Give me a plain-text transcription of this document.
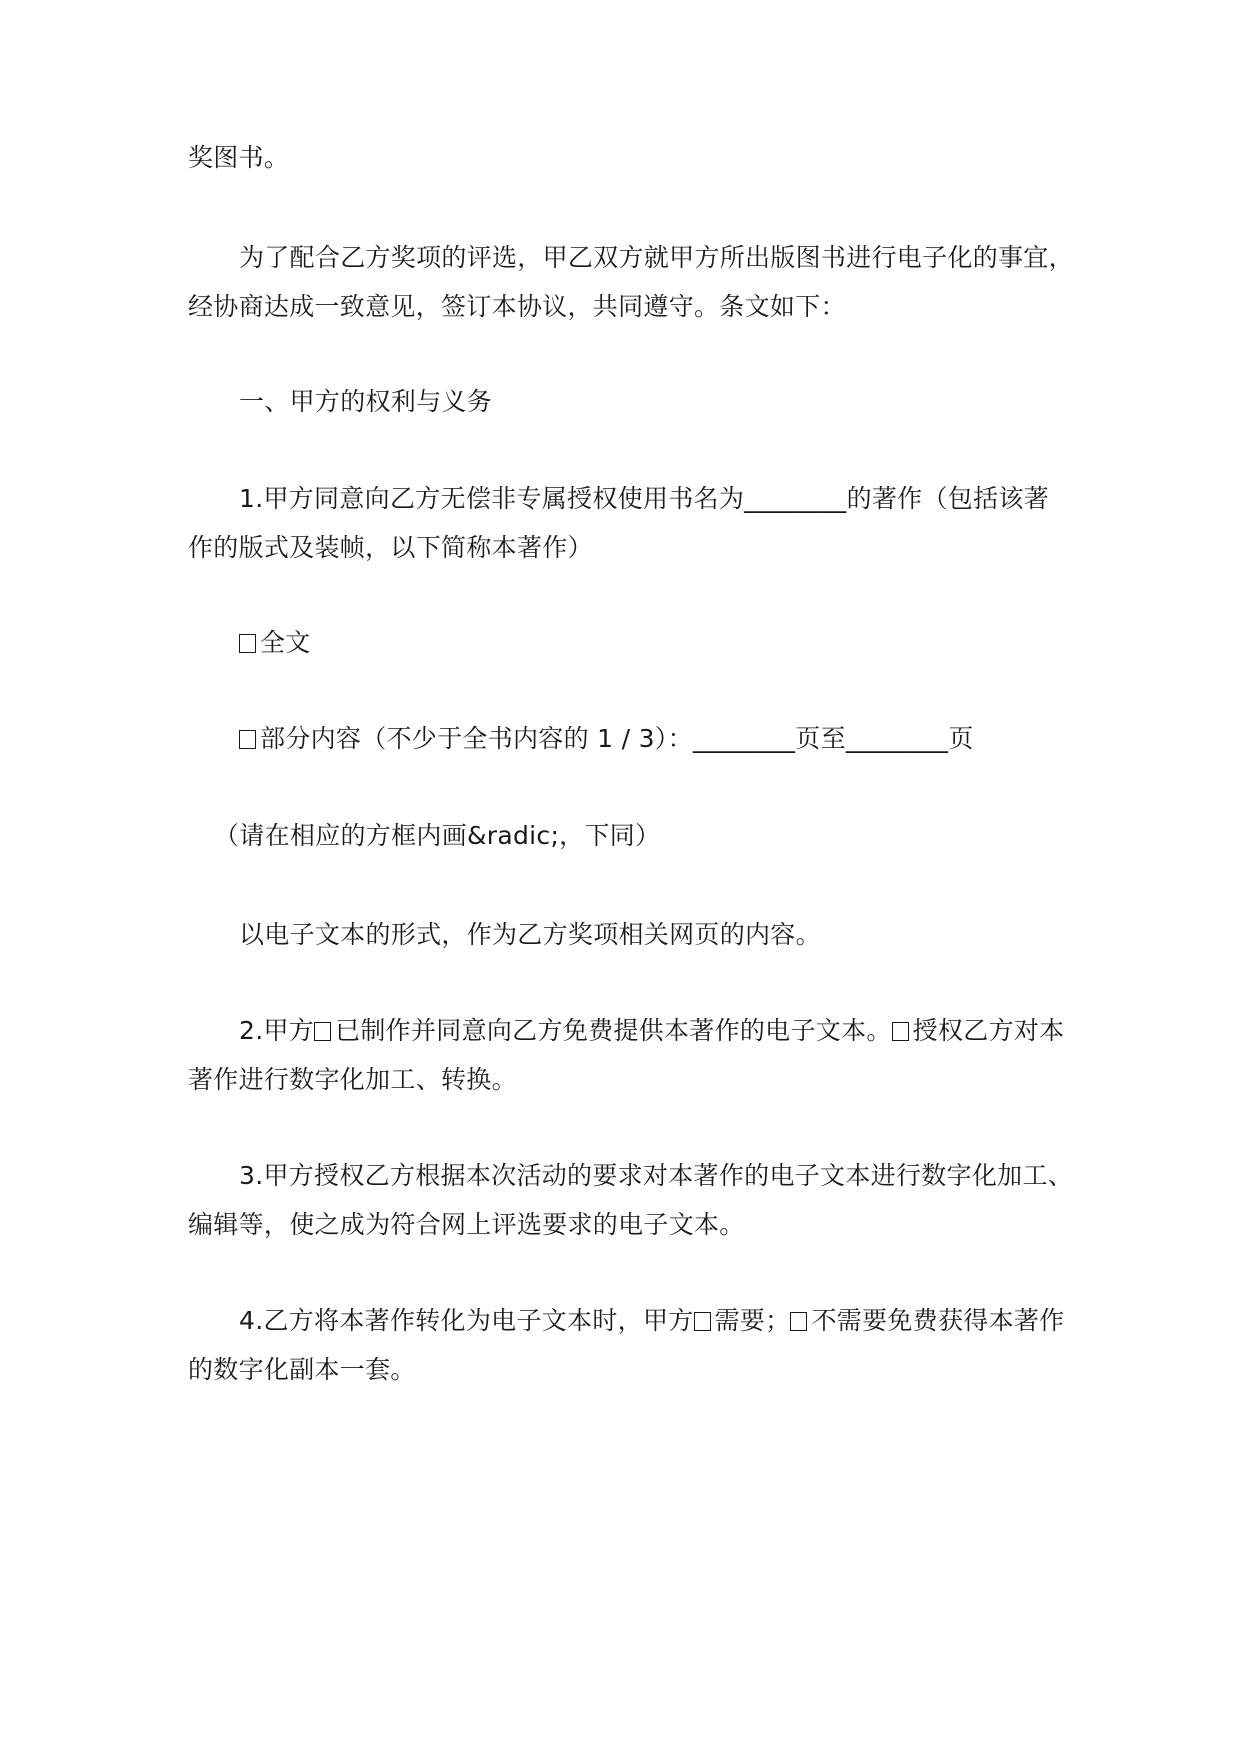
奖图书。

为了配合乙方奖项的评选，甲乙双方就甲方所出版图书进行电子化的事宜，
经协商达成一致意见，签订本协议，共同遵守。条文如下：

一、甲方的权利与义务

1.甲方同意向乙方无偿非专属授权使用书名为________的著作（包括该著
作的版式及装帧，以下简称本著作）

全文

部分内容（不少于全书内容的 1 / 3）：________页至________页

（请在相应的方框内画&radic;，下同）

以电子文本的形式，作为乙方奖项相关网页的内容。

2.甲方 已制作并同意向乙方免费提供本著作的电子文本。 授权乙方对本
著作进行数字化加工、转换。

3.甲方授权乙方根据本次活动的要求对本著作的电子文本进行数字化加工、
编辑等，使之成为符合网上评选要求的电子文本。

4.乙方将本著作转化为电子文本时，甲方 需要； 不需要免费获得本著作
的数字化副本一套。
